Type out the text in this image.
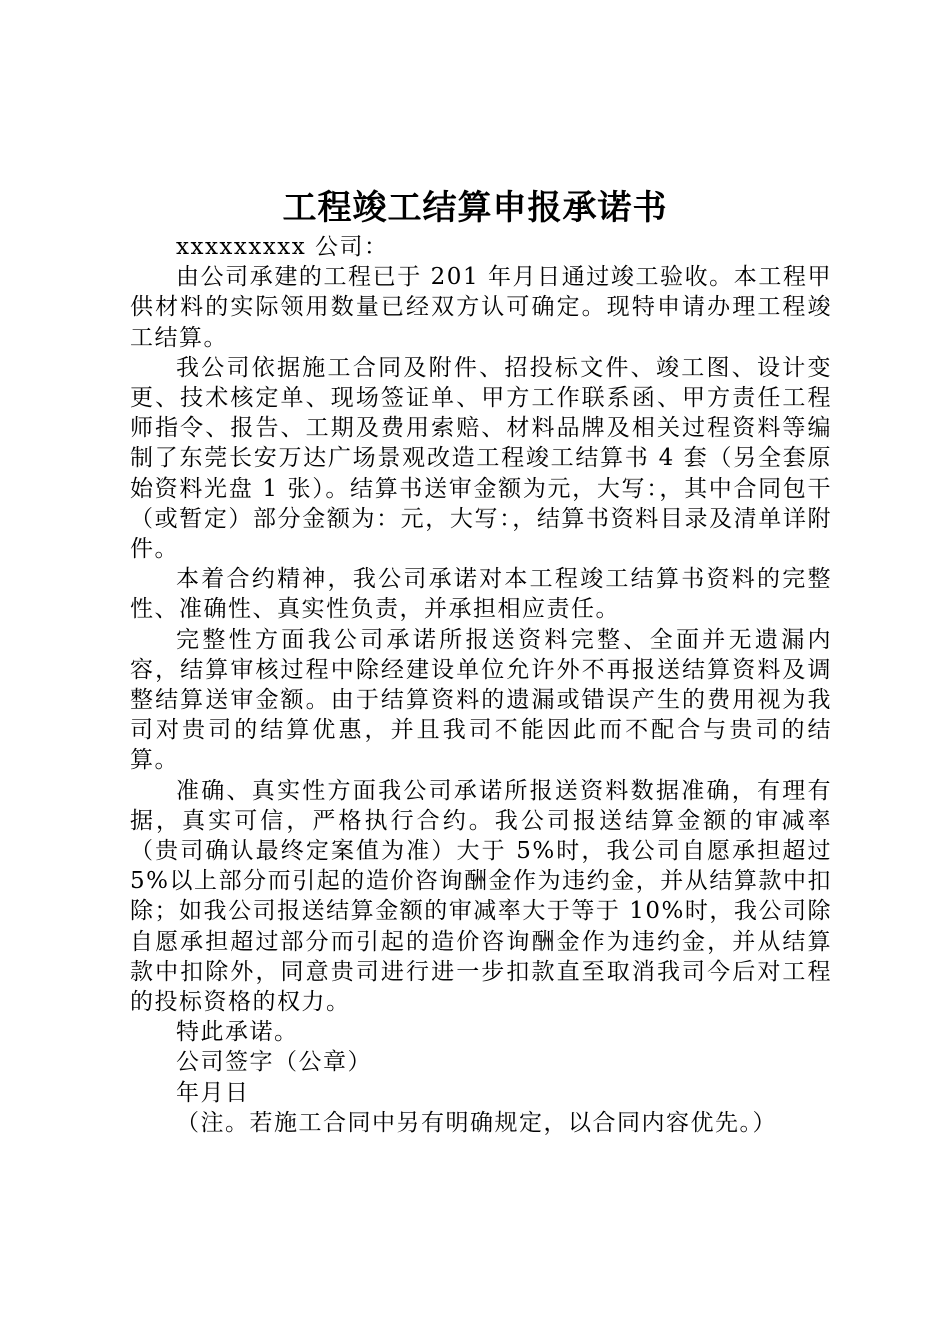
工程竣工结算申报承诺书

xxxxxxxxx 公司：

由公司承建的工程已于 201 年月日通过竣工验收。本工程甲供材料的实际领用数量已经双方认可确定。现特申请办理工程竣工结算。

我公司依据施工合同及附件、招投标文件、竣工图、设计变更、技术核定单、现场签证单、甲方工作联系函、甲方责任工程师指令、报告、工期及费用索赔、材料品牌及相关过程资料等编制了东莞长安万达广场景观改造工程竣工结算书 4 套（另全套原始资料光盘 1 张）。结算书送审金额为元，大写：，其中合同包干（或暂定）部分金额为：元，大写：，结算书资料目录及清单详附件。

本着合约精神，我公司承诺对本工程竣工结算书资料的完整性、准确性、真实性负责，并承担相应责任。

完整性方面我公司承诺所报送资料完整、全面并无遗漏内容，结算审核过程中除经建设单位允许外不再报送结算资料及调整结算送审金额。由于结算资料的遗漏或错误产生的费用视为我司对贵司的结算优惠，并且我司不能因此而不配合与贵司的结算。

准确、真实性方面我公司承诺所报送资料数据准确，有理有据，真实可信，严格执行合约。我公司报送结算金额的审减率（贵司确认最终定案值为准）大于 5%时，我公司自愿承担超过 5%以上部分而引起的造价咨询酬金作为违约金，并从结算款中扣除；如我公司报送结算金额的审减率大于等于 10%时，我公司除自愿承担超过部分而引起的造价咨询酬金作为违约金，并从结算款中扣除外，同意贵司进行进一步扣款直至取消我司今后对工程的投标资格的权力。

特此承诺。

公司签字（公章）

年月日

（注。若施工合同中另有明确规定，以合同内容优先。）
